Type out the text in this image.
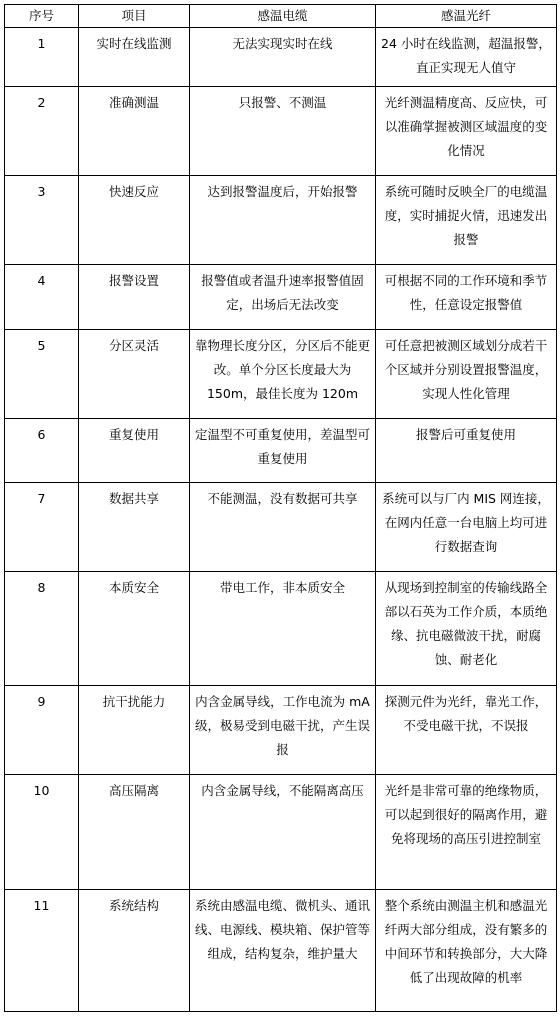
序号	项目	感温电缆	感温光纤
1	实时在线监测	无法实现实时在线	24 小时在线监测，超温报警，直正实现无人值守
2	准确测温	只报警、不测温	光纤测温精度高、反应快，可以准确掌握被测区域温度的变化情况
3	快速反应	达到报警温度后，开始报警	系统可随时反映全厂的电缆温度，实时捕捉火情，迅速发出报警
4	报警设置	报警值或者温升速率报警值固定，出场后无法改变	可根据不同的工作环境和季节性，任意设定报警值
5	分区灵活	靠物理长度分区，分区后不能更改。单个分区长度最大为 150m，最佳长度为 120m	可任意把被测区域划分成若干个区域并分别设置报警温度，实现人性化管理
6	重复使用	定温型不可重复使用，差温型可重复使用	报警后可重复使用
7	数据共享	不能测温，没有数据可共享	系统可以与厂内 MIS 网连接，在网内任意一台电脑上均可进行数据查询
8	本质安全	带电工作，非本质安全	从现场到控制室的传输线路全部以石英为工作介质，本质绝缘、抗电磁微波干扰，耐腐蚀、耐老化
9	抗干扰能力	内含金属导线，工作电流为 mA 级，极易受到电磁干扰，产生误报	探测元件为光纤，靠光工作，不受电磁干扰，不误报
10	高压隔离	内含金属导线，不能隔离高压	光纤是非常可靠的绝缘物质，可以起到很好的隔离作用，避免将现场的高压引进控制室
11	系统结构	系统由感温电缆、微机头、通讯线、电源线、模块箱、保护管等组成，结构复杂，维护量大	整个系统由测温主机和感温光纤两大部分组成，没有繁多的中间环节和转换部分，大大降低了出现故障的机率
